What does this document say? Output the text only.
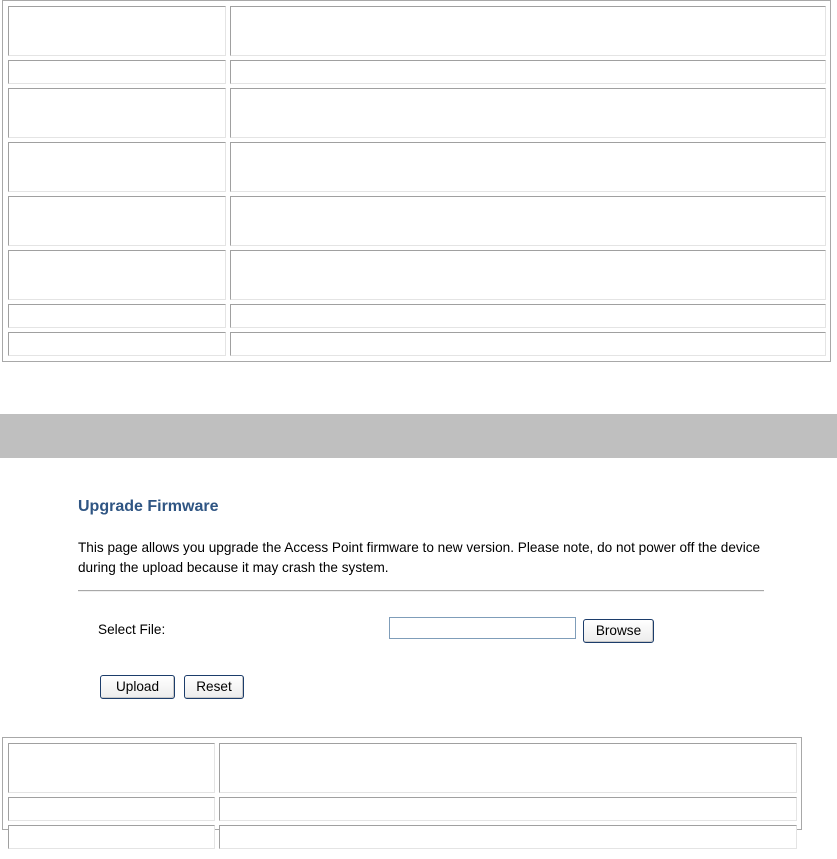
Upgrade Firmware
This page allows you upgrade the Access Point firmware to new version. Please note, do not power off the device during the upload because it may crash the system.
Select File:	Browse
Upload	Reset
